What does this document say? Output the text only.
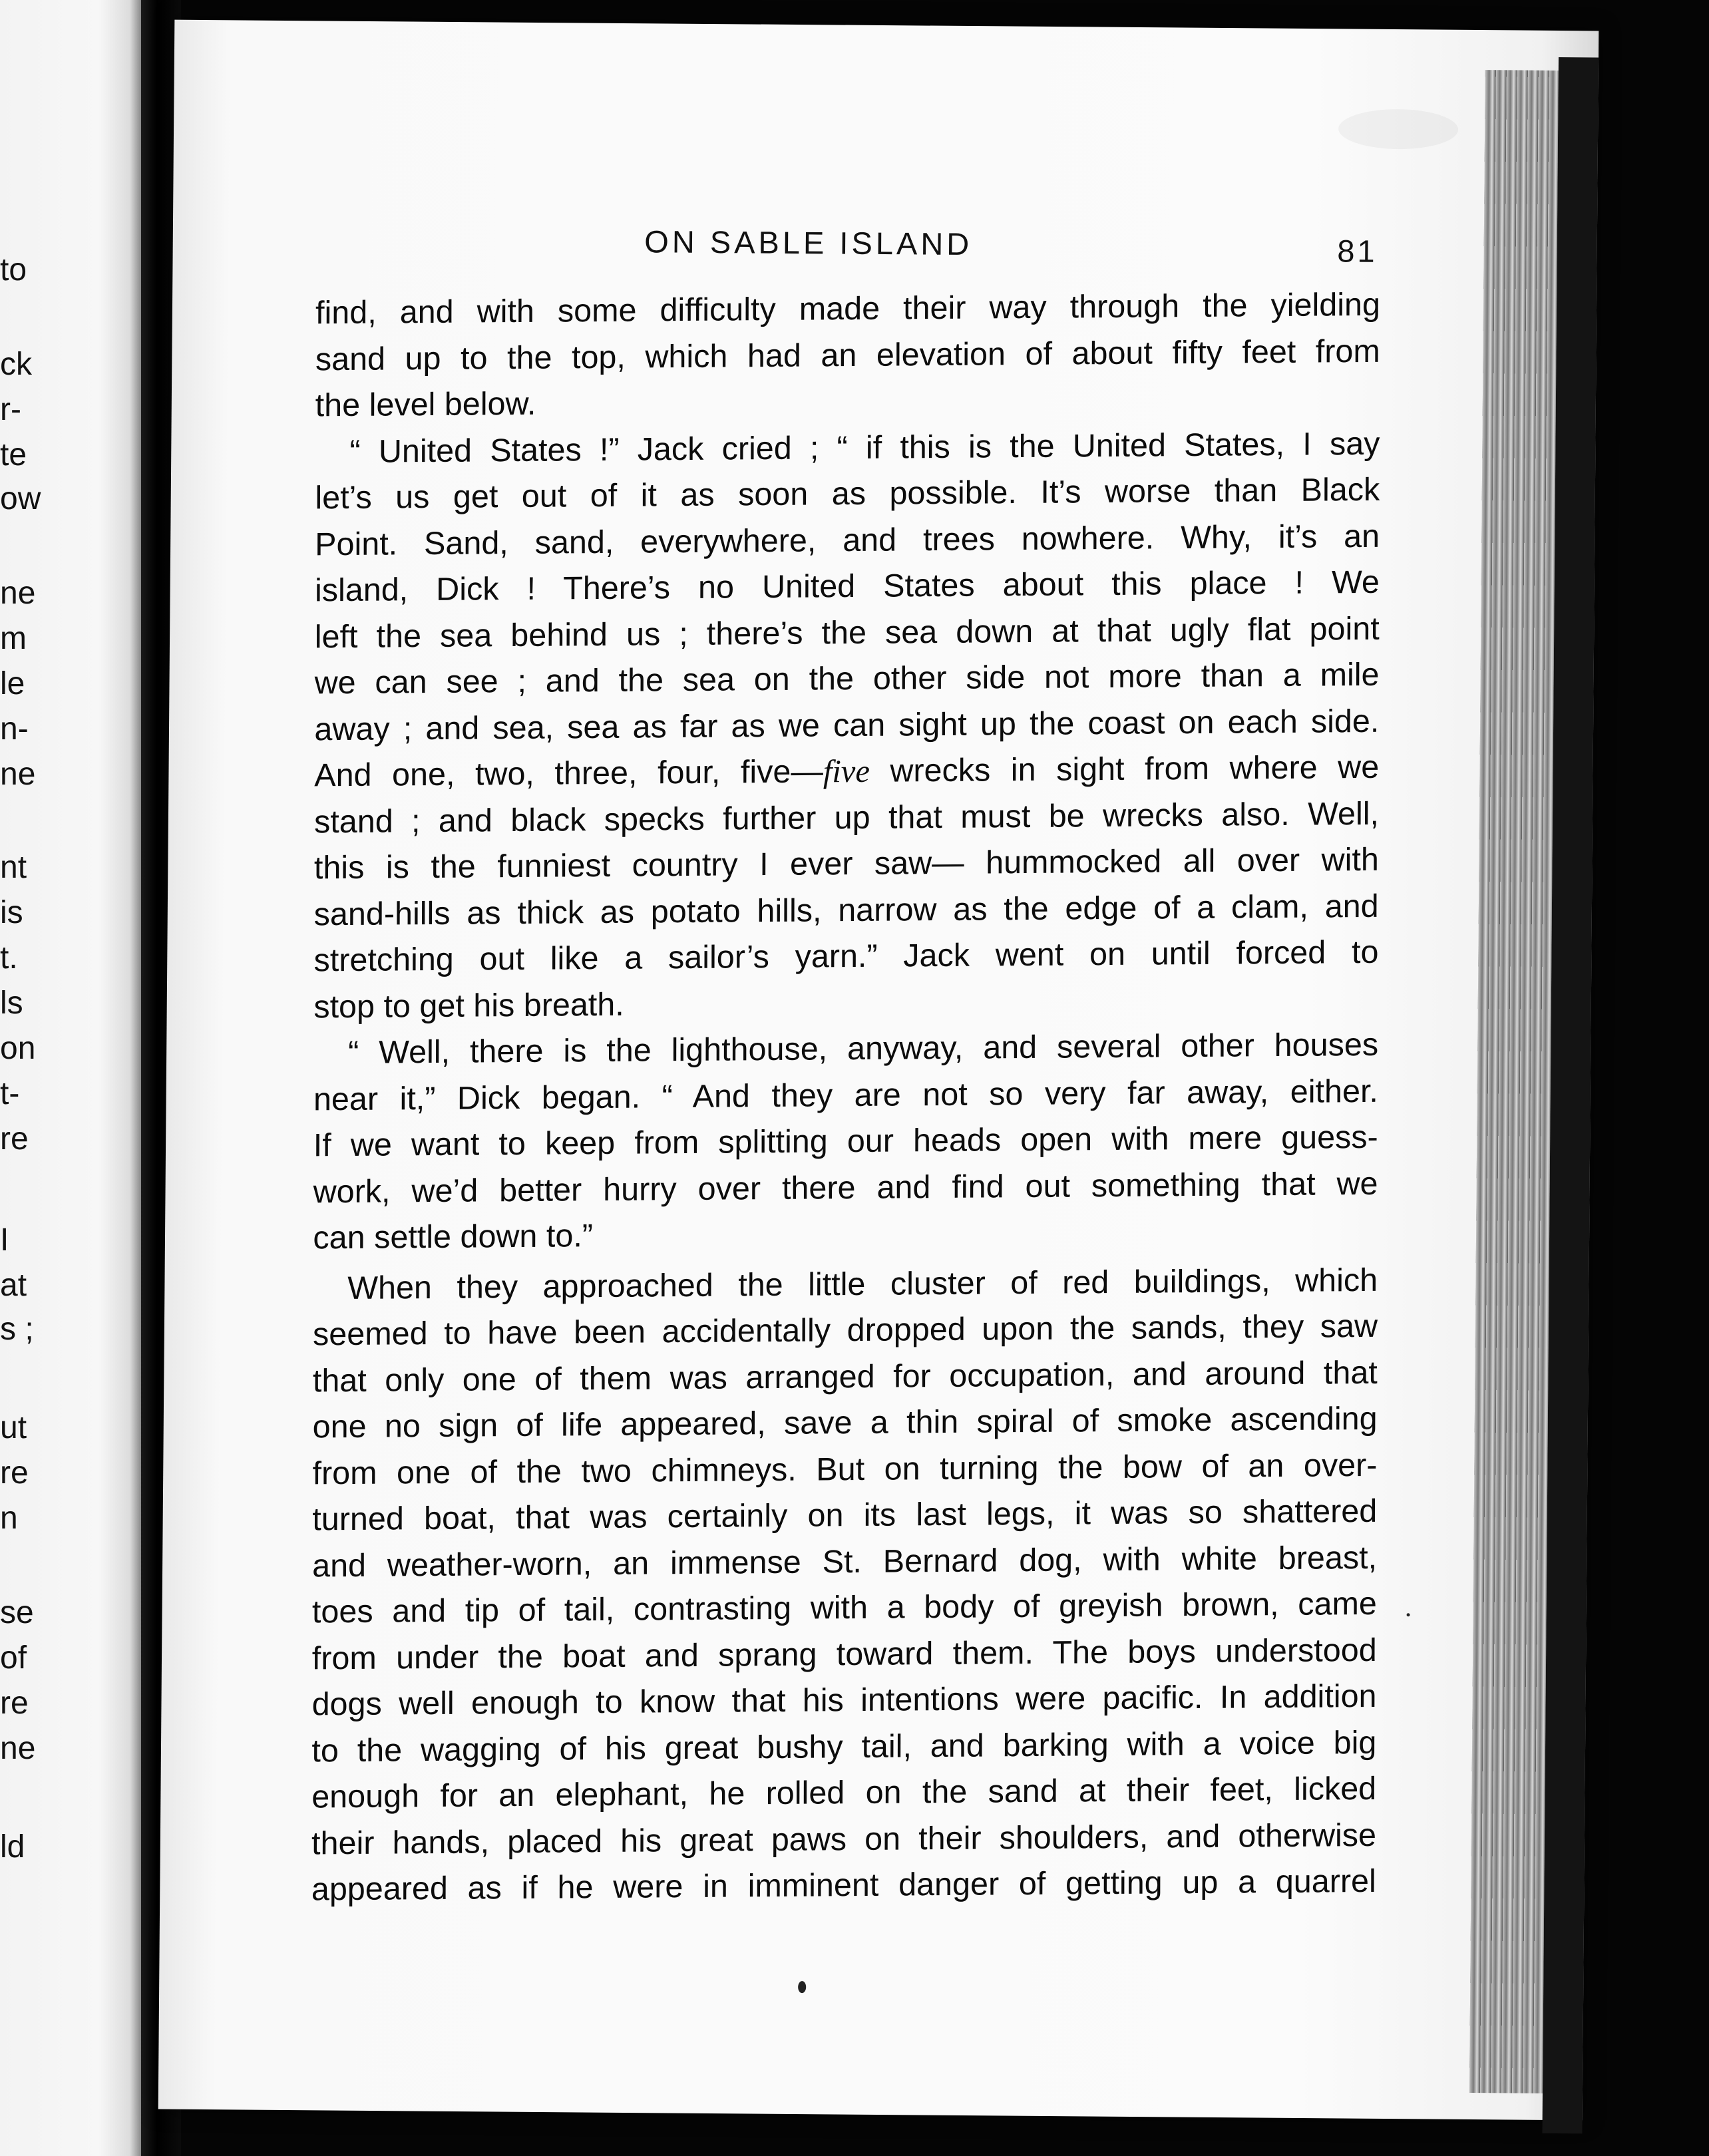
to
ck
r-
te
ow
ne
m
le
n-
ne
nt
is
t.
ls
on
t-
re
I
at
s ;
ut
re
n
se
of
re
ne
ld
ON SABLE ISLAND	81
find, and with some difficulty made their way through the yielding
sand up to the top, which had an elevation of about fifty feet from
the level below.
“ United States !” Jack cried ; “ if this is the United States, I say
let’s us get out of it as soon as possible. It’s worse than Black
Point. Sand, sand, everywhere, and trees nowhere. Why, it’s an
island, Dick ! There’s no United States about this place ! We
left the sea behind us ; there’s the sea down at that ugly flat point
we can see ; and the sea on the other side not more than a mile
away ; and sea, sea as far as we can sight up the coast on each side.
And one, two, three, four, five—five wrecks in sight from where we
stand ; and black specks further up that must be wrecks also. Well,
this is the funniest country I ever saw— hummocked all over with
sand-hills as thick as potato hills, narrow as the edge of a clam, and
stretching out like a sailor’s yarn.” Jack went on until forced to
stop to get his breath.
“ Well, there is the lighthouse, anyway, and several other houses
near it,” Dick began. “ And they are not so very far away, either.
If we want to keep from splitting our heads open with mere guess-
work, we’d better hurry over there and find out something that we
can settle down to.”
When they approached the little cluster of red buildings, which
seemed to have been accidentally dropped upon the sands, they saw
that only one of them was arranged for occupation, and around that
one no sign of life appeared, save a thin spiral of smoke ascending
from one of the two chimneys. But on turning the bow of an over-
turned boat, that was certainly on its last legs, it was so shattered
and weather-worn, an immense St. Bernard dog, with white breast,
toes and tip of tail, contrasting with a body of greyish brown, came
from under the boat and sprang toward them. The boys understood
dogs well enough to know that his intentions were pacific. In addition
to the wagging of his great bushy tail, and barking with a voice big
enough for an elephant, he rolled on the sand at their feet, licked
their hands, placed his great paws on their shoulders, and otherwise
appeared as if he were in imminent danger of getting up a quarrel
